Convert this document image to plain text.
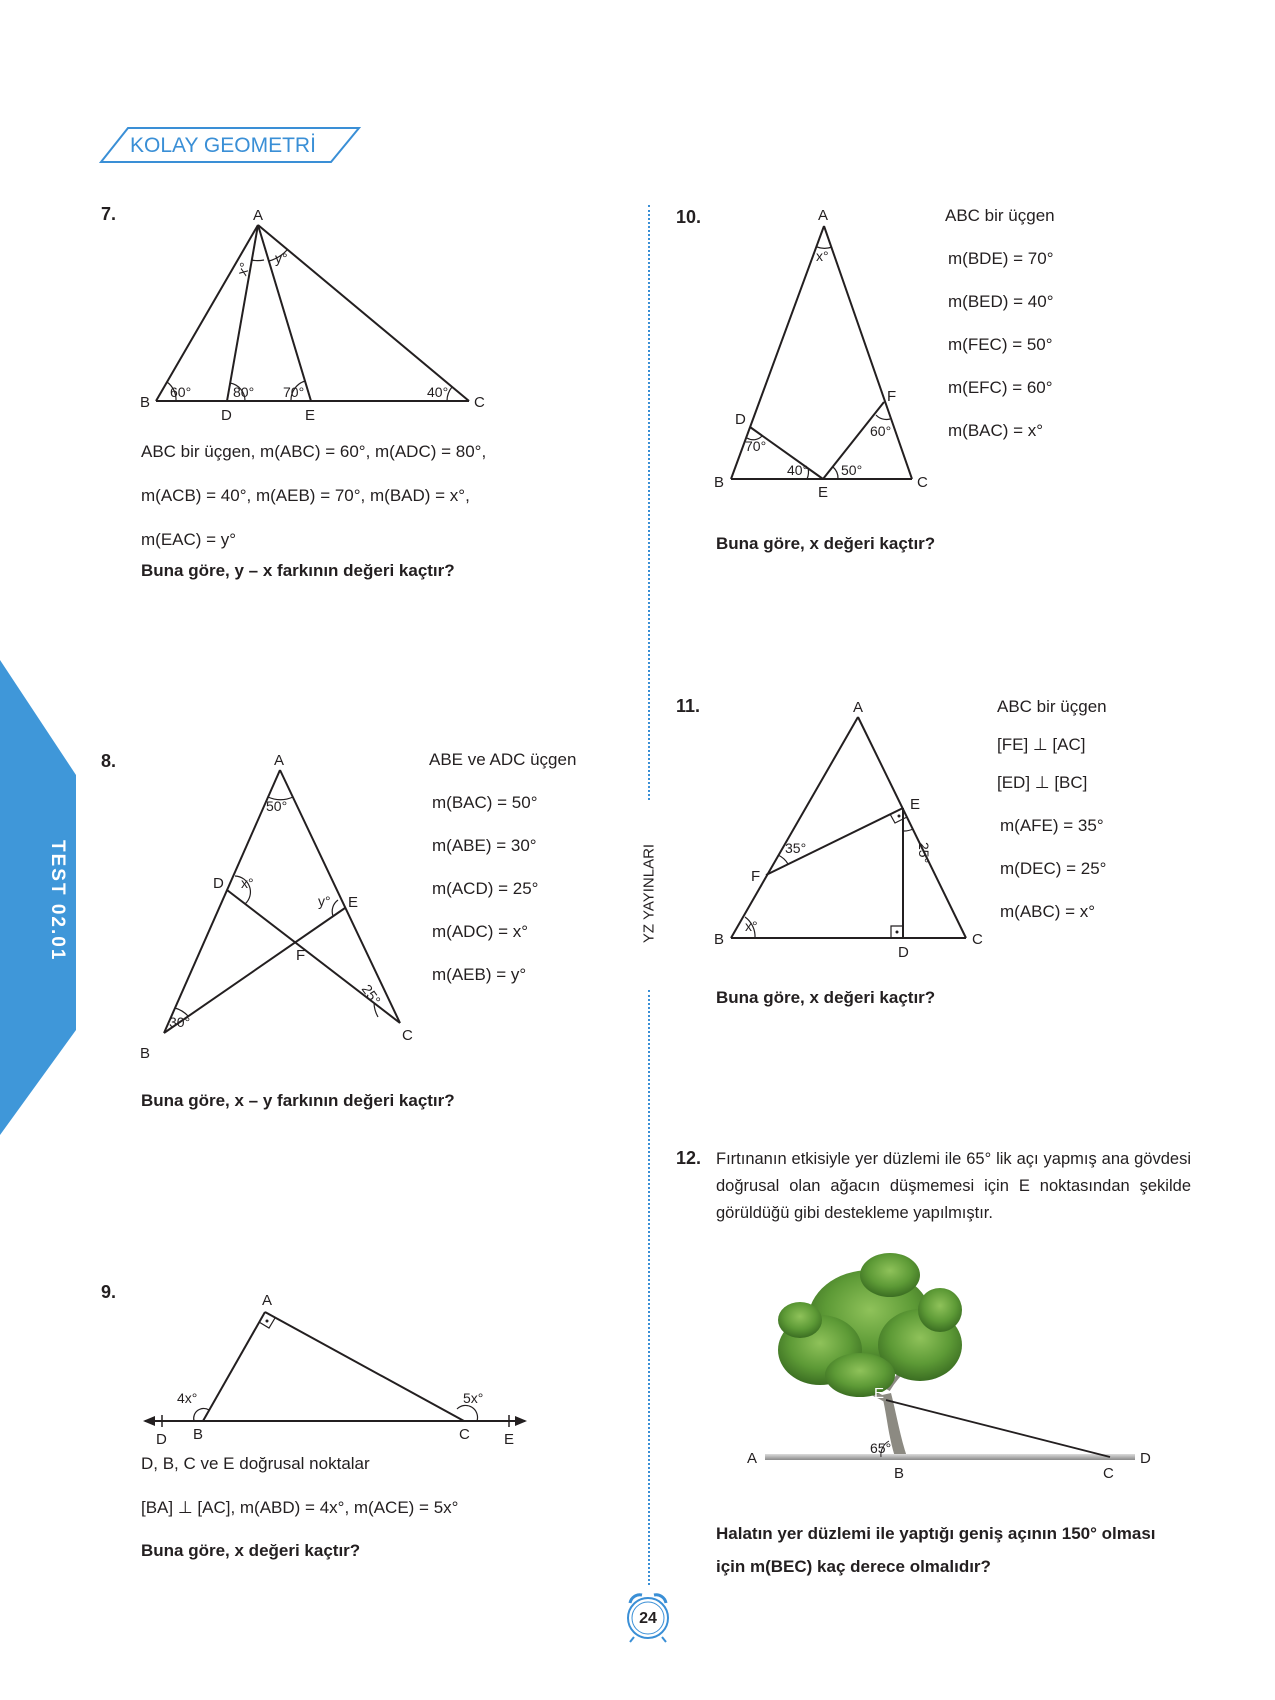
KOLAY GEOMETRİ
TEST 02.01	YZ YAYINLARI
24
7.	A
B	C
D	E
60°	80° 70°	40°
x°
y°
ABC bir üçgen, m(ABC) = 60°, m(ADC) = 80°,
m(ACB) = 40°, m(AEB) = 70°, m(BAD) = x°,
m(EAC) = y°
Buna göre, y – x farkının değeri kaçtır?
8.	A
B
C
D
E
F
50°
30°
25°
x°
y°
ABE ve ADC üçgen
m(BAC) = 50°
m(ABE) = 30°
m(ACD) = 25°
m(ADC) = x°
m(AEB) = y°
Buna göre, x – y farkının değeri kaçtır?
9.	A
B	C
D	E
4x°	5x°
D, B, C ve E doğrusal noktalar
[BA] ⊥ [AC], m(ABD) = 4x°, m(ACE) = 5x°
Buna göre, x değeri kaçtır?
10.	A
B	C
D
E
F
x°
70°
40° 50°
60°
ABC bir üçgen
m(BDE) = 70°
m(BED) = 40°
m(FEC) = 50°
m(EFC) = 60°
m(BAC) = x°
Buna göre, x değeri kaçtır?
11.	A
B	C
D
E
F
35°	25°
x°
ABC bir üçgen
[FE] ⊥ [AC]
[ED] ⊥ [BC]
m(AFE) = 35°
m(DEC) = 25°
m(ABC) = x°
Buna göre, x değeri kaçtır?
12. Fırtınanın etkisiyle yer düzlemi ile 65° lik açı yapmış ana gövdesi doğrusal olan ağacın düşmemesi için E noktasından şekilde görüldüğü gibi destekleme yapılmıştır.
A	D
B	C
E
65°
Halatın yer düzlemi ile yaptığı geniş açının 150° olması
için m(BEC) kaç derece olmalıdır?
